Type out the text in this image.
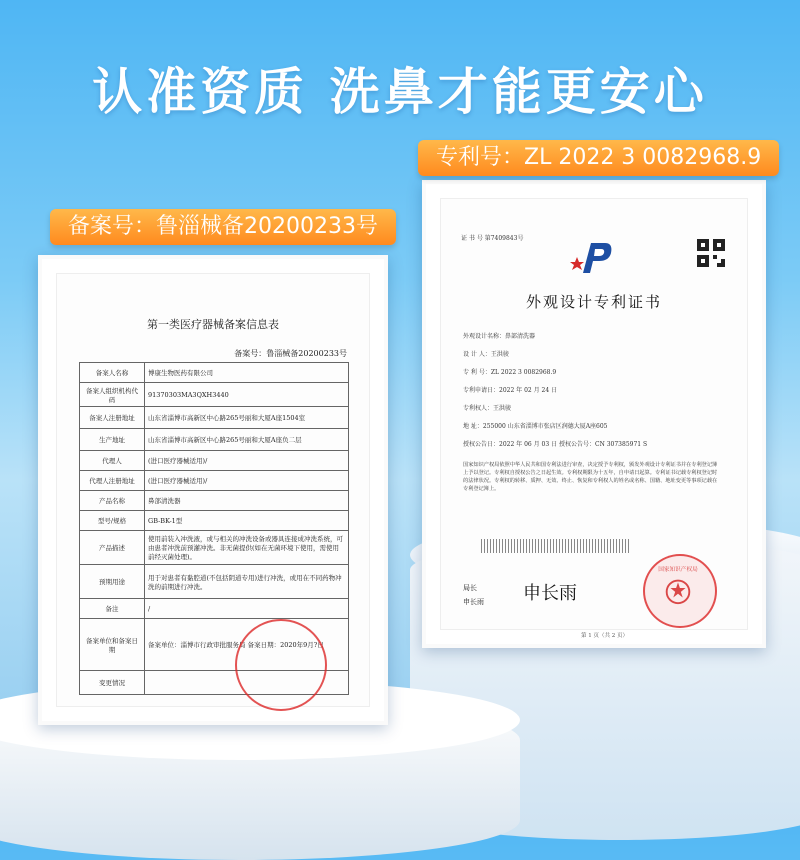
认准资质 洗鼻才能更安心
证 书 号 第7409843号
外观设计专利证书
外观设计名称：鼻部清洗器
设 计 人：王洪骏
专 利 号：ZL 2022 3 0082968.9
专利申请日：2022 年 02 月 24 日
专利权人：王洪骏
地 址：255000 山东省淄博市张店区润德大厦A座605
授权公告日：2022 年 06 月 03 日 授权公告号：CN 307385971 S
国家知识产权局依照中华人民共和国专利法进行审查，决定授予专利权，颁发外观设计专利证书并在专利登记簿上予以登记。专利权自授权公告之日起生效。专利权期限为十五年，自申请日起算。专利证书记载专利权登记时的法律状况。专利权的转移、质押、无效、终止、恢复和专利权人的姓名或名称、国籍、地址变更等事项记载在专利登记簿上。
局长
申长雨 申长雨
国家知识产权局
第 1 页（共 2 页）
专利号：ZL 2022 3 0082968.9
第一类医疗器械备案信息表
备案号：鲁淄械备20200233号
备案人名称	博康生物医药有限公司
备案人组织机构代码	91370303MA3QXH3440
备案人注册地址	山东省淄博市高新区中心路265号丽和大厦A座1504室
生产地址	山东省淄博市高新区中心路265号丽和大厦A座负二层
代理人	(进口医疗器械适用)/
代理人注册地址	(进口医疗器械适用)/
产品名称	鼻部清洗器
型号/规格	GB-BK-1型
产品描述	使用前装入冲洗液，或与相关的冲洗设备或器具连接成冲洗系统，可由患者冲洗前预灌冲洗。非无菌提供(如在无菌环境下使用，需使用前经灭菌处理)。
预期用途	用于对患者有黏腔道(不包括阴道专用)进行冲洗，或用在不同药物冲洗的前期进行冲洗。
备注	/
备案单位和备案日期	备案单位：淄博市行政审批服务局 备案日期：2020年9月?日
变更情况	
备案号：鲁淄械备20200233号
